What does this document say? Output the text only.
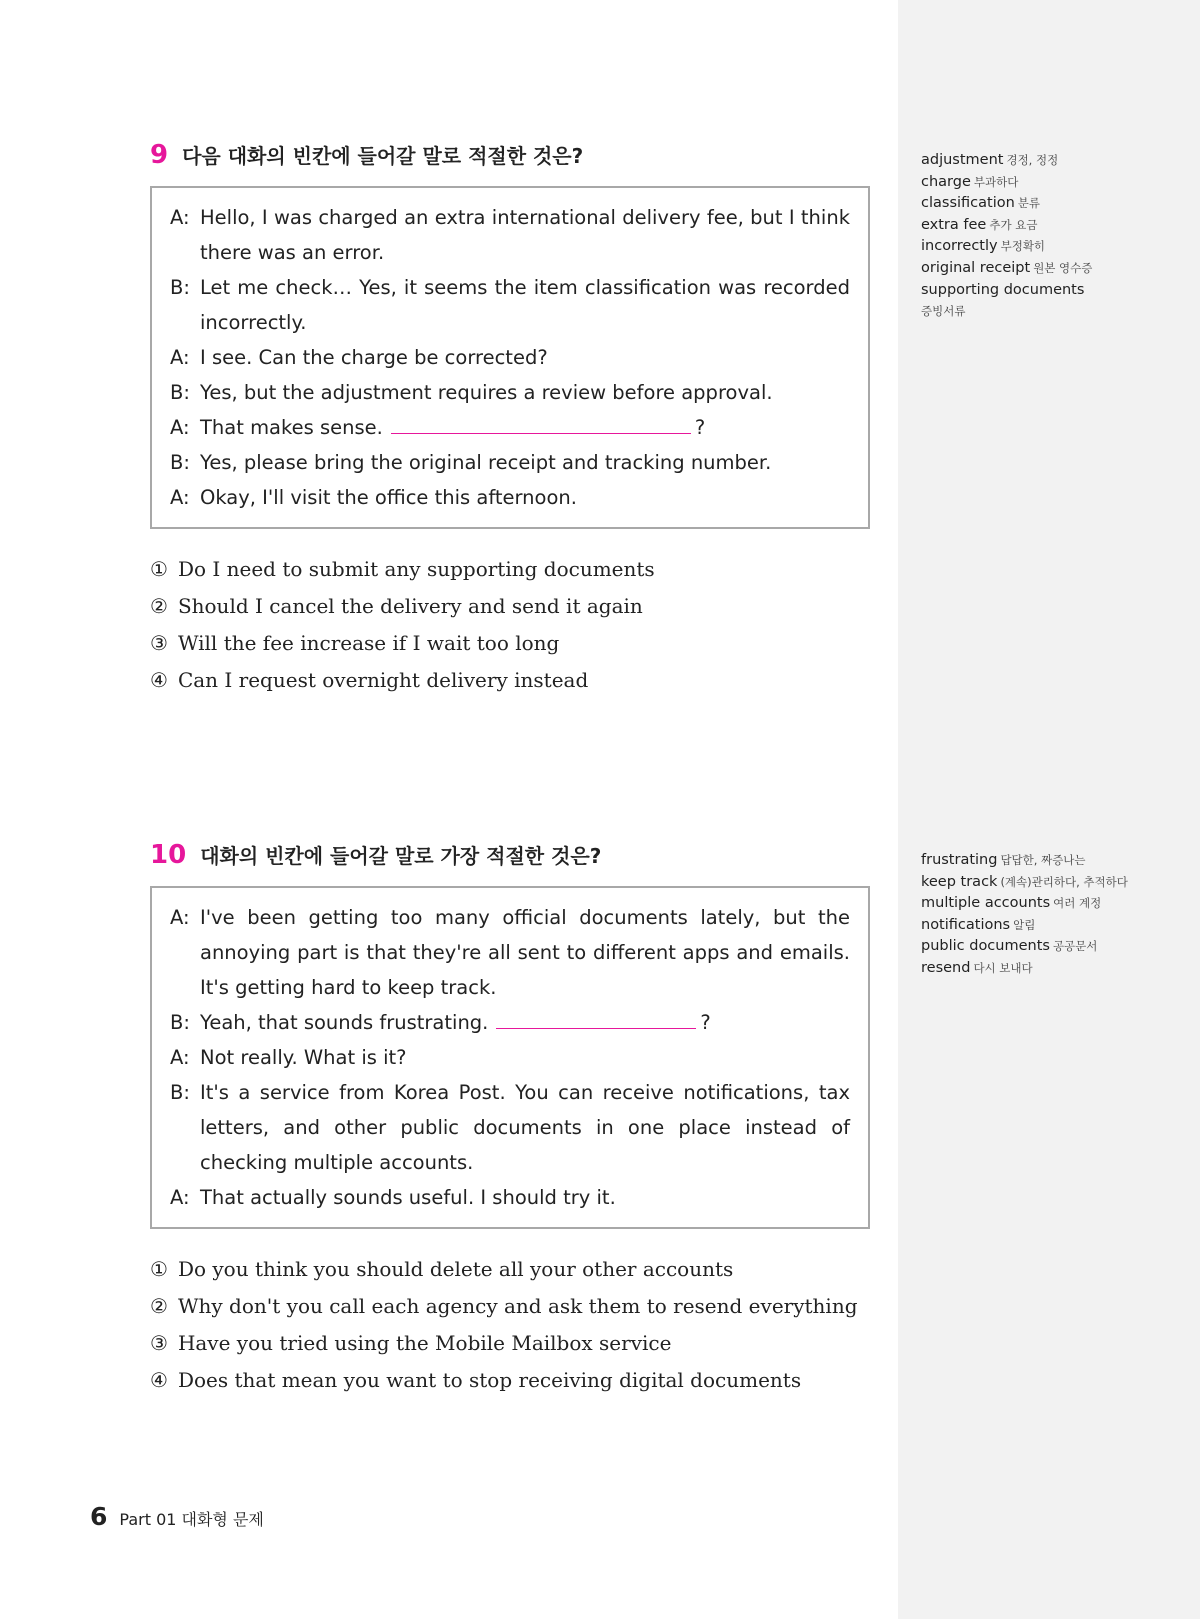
9 다음 대화의 빈칸에 들어갈 말로 적절한 것은?
A: Hello, I was charged an extra international delivery fee, but I think there was an error.
B: Let me check… Yes, it seems the item classification was recorded incorrectly.
A: I see. Can the charge be corrected?
B: Yes, but the adjustment requires a review before approval.
A: That makes sense.	?
B: Yes, please bring the original receipt and tracking number.
A: Okay, I'll visit the office this afternoon.
① Do I need to submit any supporting documents
② Should I cancel the delivery and send it again
③ Will the fee increase if I wait too long
④ Can I request overnight delivery instead
adjustment 경정, 정정
charge 부과하다
classification 분류
extra fee 추가 요금
incorrectly 부정확히
original receipt 원본 영수증
supporting documents
증빙서류
10 대화의 빈칸에 들어갈 말로 가장 적절한 것은?
A: I've been getting too many official documents lately, but the annoying part is that they're all sent to different apps and emails. It's getting hard to keep track.
B: Yeah, that sounds frustrating.	?
A: Not really. What is it?
B: It's a service from Korea Post. You can receive notifications, tax letters, and other public documents in one place instead of checking multiple accounts.
A: That actually sounds useful. I should try it.
① Do you think you should delete all your other accounts
② Why don't you call each agency and ask them to resend everything
③ Have you tried using the Mobile Mailbox service
④ Does that mean you want to stop receiving digital documents
frustrating 답답한, 짜증나는
keep track (계속)관리하다, 추적하다
multiple accounts 여러 계정
notifications 알림
public documents 공공문서
resend 다시 보내다
6 Part 01 대화형 문제
